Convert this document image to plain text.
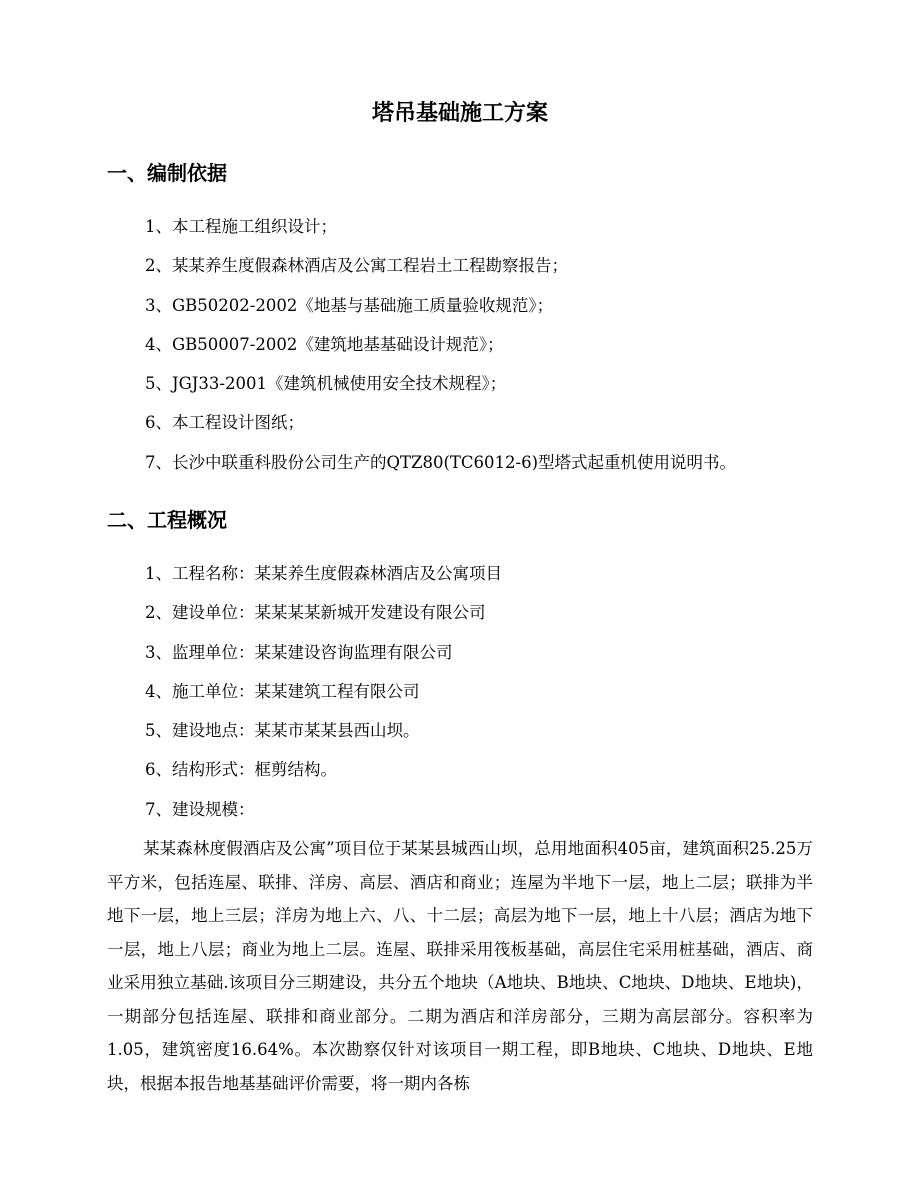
塔吊基础施工方案
一、编制依据
1、本工程施工组织设计；
2、某某养生度假森林酒店及公寓工程岩土工程勘察报告；
3、GB50202-2002《地基与基础施工质量验收规范》；
4、GB50007-2002《建筑地基基础设计规范》；
5、JGJ33-2001《建筑机械使用安全技术规程》；
6、本工程设计图纸；
7、长沙中联重科股份公司生产的QTZ80(TC6012-6)型塔式起重机使用说明书。
二、工程概况
1、工程名称：某某养生度假森林酒店及公寓项目
2、建设单位：某某某某新城开发建设有限公司
3、监理单位：某某建设咨询监理有限公司
4、施工单位：某某建筑工程有限公司
5、建设地点：某某市某某县西山坝。
6、结构形式：框剪结构。
7、建设规模：

某某森林度假酒店及公寓”项目位于某某县城西山坝，总用地面积405亩，建筑面积25.25万平方米，包括连屋、联排、洋房、高层、酒店和商业；连屋为半地下一层，地上二层；联排为半地下一层，地上三层；洋房为地上六、八、十二层；高层为地下一层，地上十八层；酒店为地下一层，地上八层；商业为地上二层。连屋、联排采用筏板基础，高层住宅采用桩基础，酒店、商业采用独立基础.该项目分三期建设，共分五个地块（A地块、B地块、C地块、D地块、E地块)，一期部分包括连屋、联排和商业部分。二期为酒店和洋房部分，三期为高层部分。容积率为1.05，建筑密度16.64%。本次勘察仅针对该项目一期工程，即B地块、C地块、D地块、E地块，根据本报告地基基础评价需要，将一期内各栋
